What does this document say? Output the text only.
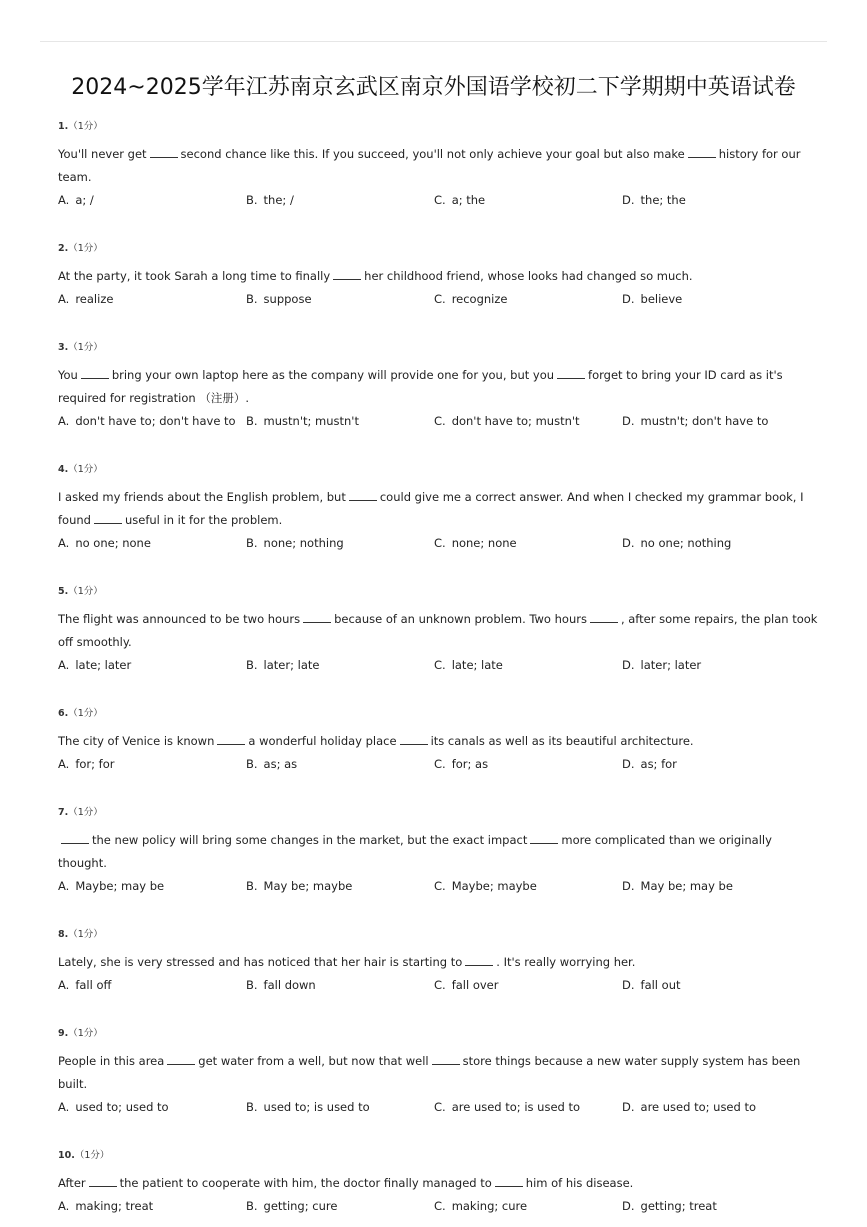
2024~2025学年江苏南京玄武区南京外国语学校初二下学期期中英语试卷
1.（1分）
You'll never get	second chance like this. If you succeed, you'll not only achieve your goal but also make	history for our team.
A. a; /	B. the; /	C. a; the	D. the; the
2.（1分）
At the party, it took Sarah a long time to finally	her childhood friend, whose looks had changed so much.
A. realize	B. suppose	C. recognize	D. believe
3.（1分）
You	bring your own laptop here as the company will provide one for you, but you	forget to bring your ID card as it's required for registration （注册）.
A. don't have to; don't have to B. mustn't; mustn't	C. don't have to; mustn't	D. mustn't; don't have to
4.（1分）
I asked my friends about the English problem, but	could give me a correct answer. And when I checked my grammar book, I found	useful in it for the problem.
A. no one; none	B. none; nothing	C. none; none	D. no one; nothing
5.（1分）
The flight was announced to be two hours	because of an unknown problem. Two hours	, after some repairs, the plan took off smoothly.
A. late; later	B. later; late	C. late; late	D. later; later
6.（1分）
The city of Venice is known	a wonderful holiday place	its canals as well as its beautiful architecture.
A. for; for	B. as; as	C. for; as	D. as; for
7.（1分）
the new policy will bring some changes in the market, but the exact impact	more complicated than we originally thought.
A. Maybe; may be	B. May be; maybe	C. Maybe; maybe	D. May be; may be
8.（1分）
Lately, she is very stressed and has noticed that her hair is starting to	. It's really worrying her.
A. fall off	B. fall down	C. fall over	D. fall out
9.（1分）
People in this area	get water from a well, but now that well	store things because a new water supply system has been built.
A. used to; used to	B. used to; is used to	C. are used to; is used to	D. are used to; used to
10.（1分）
After	the patient to cooperate with him, the doctor finally managed to	him of his disease.
A. making; treat	B. getting; cure	C. making; cure	D. getting; treat
